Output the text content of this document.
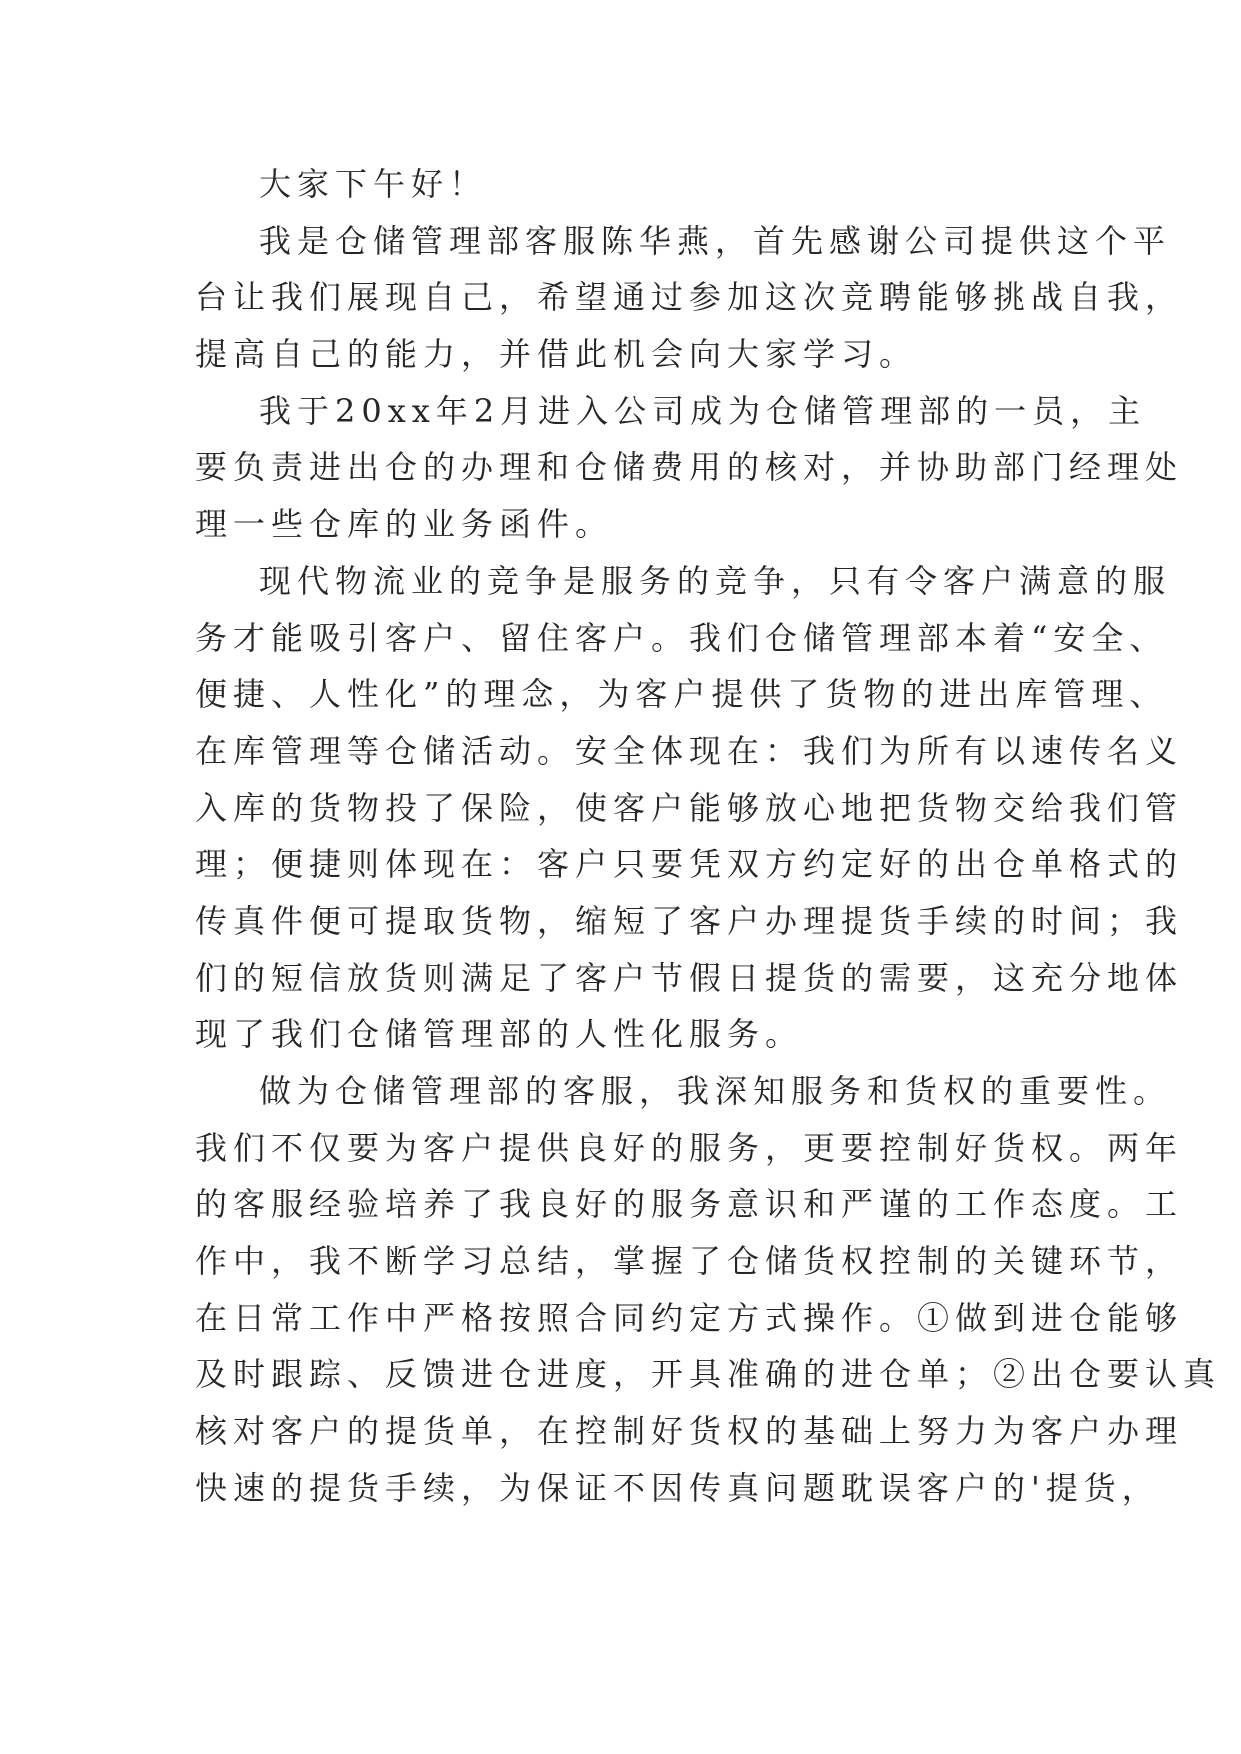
大家下午好！
我是仓储管理部客服陈华燕，首先感谢公司提供这个平
台让我们展现自己，希望通过参加这次竞聘能够挑战自我，
提高自己的能力，并借此机会向大家学习。
我于20xx年2月进入公司成为仓储管理部的一员，主
要负责进出仓的办理和仓储费用的核对，并协助部门经理处
理一些仓库的业务函件。
现代物流业的竞争是服务的竞争，只有令客户满意的服
务才能吸引客户、留住客户。我们仓储管理部本着“安全、
便捷、人性化”的理念，为客户提供了货物的进出库管理、
在库管理等仓储活动。安全体现在：我们为所有以速传名义
入库的货物投了保险，使客户能够放心地把货物交给我们管
理；便捷则体现在：客户只要凭双方约定好的出仓单格式的
传真件便可提取货物，缩短了客户办理提货手续的时间；我
们的短信放货则满足了客户节假日提货的需要，这充分地体
现了我们仓储管理部的人性化服务。
做为仓储管理部的客服，我深知服务和货权的重要性。
我们不仅要为客户提供良好的服务，更要控制好货权。两年
的客服经验培养了我良好的服务意识和严谨的工作态度。工
作中，我不断学习总结，掌握了仓储货权控制的关键环节，
在日常工作中严格按照合同约定方式操作。①做到进仓能够
及时跟踪、反馈进仓进度，开具准确的进仓单；②出仓要认真
核对客户的提货单，在控制好货权的基础上努力为客户办理
快速的提货手续，为保证不因传真问题耽误客户的'提货，
